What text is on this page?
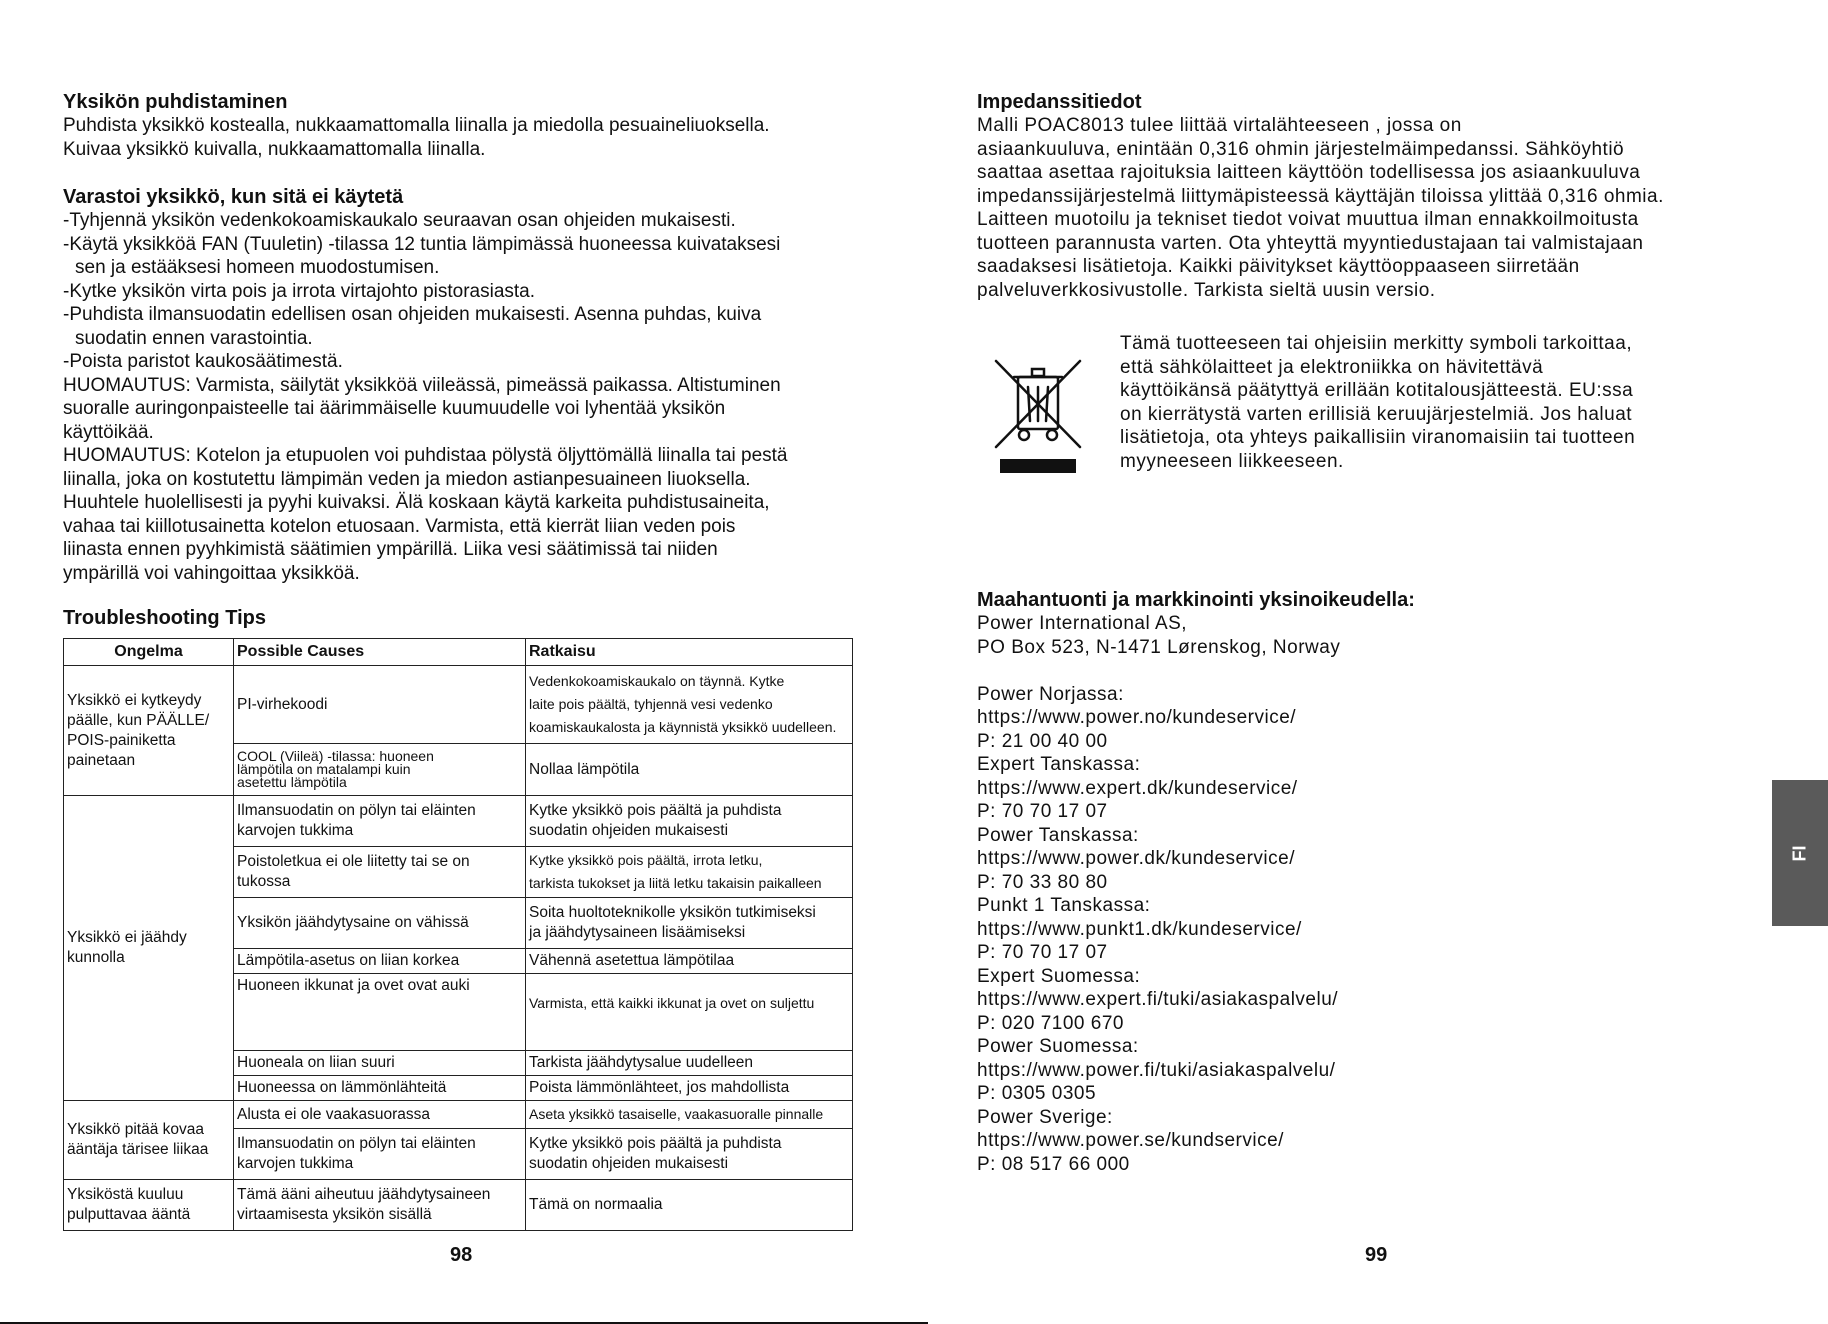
Yksikön puhdistaminen

Puhdista yksikkö kostealla, nukkaamattomalla liinalla ja miedolla pesuaineliuoksella.
Kuivaa yksikkö kuivalla, nukkaamattomalla liinalla.

Varastoi yksikkö, kun sitä ei käytetä

-Tyhjennä yksikön vedenkokoamiskaukalo seuraavan osan ohjeiden mukaisesti.
-Käytä yksikköä FAN (Tuuletin) -tilassa 12 tuntia lämpimässä huoneessa kuivataksesi
sen ja estääksesi homeen muodostumisen.
-Kytke yksikön virta pois ja irrota virtajohto pistorasiasta.
-Puhdista ilmansuodatin edellisen osan ohjeiden mukaisesti. Asenna puhdas, kuiva
suodatin ennen varastointia.
-Poista paristot kaukosäätimestä.
HUOMAUTUS: Varmista, säilytät yksikköä viileässä, pimeässä paikassa. Altistuminen
suoralle auringonpaisteelle tai äärimmäiselle kuumuudelle voi lyhentää yksikön
käyttöikää.
HUOMAUTUS: Kotelon ja etupuolen voi puhdistaa pölystä öljyttömällä liinalla tai pestä
liinalla, joka on kostutettu lämpimän veden ja miedon astianpesuaineen liuoksella.
Huuhtele huolellisesti ja pyyhi kuivaksi. Älä koskaan käytä karkeita puhdistusaineita,
vahaa tai kiillotusainetta kotelon etuosaan. Varmista, että kierrät liian veden pois
liinasta ennen pyyhkimistä säätimien ympärillä. Liika vesi säätimissä tai niiden
ympärillä voi vahingoittaa yksikköä.

Troubleshooting Tips
Ongelma	Possible Causes	Ratkaisu

Yksikkö ei kytkeydy
päälle, kun PÄÄLLE/
POIS-painiketta
painetaan	PI-virhekoodi	Vedenkokoamiskaukalo on täynnä. Kytke
laite pois päältä, tyhjennä vesi vedenko
koamiskaukalosta ja käynnistä yksikkö uudelleen.

	COOL (Viileä) -tilassa: huoneen
lämpötila on matalampi kuin
asetettu lämpötila	Nollaa lämpötila

Yksikkö ei jäähdy
kunnolla	Ilmansuodatin on pölyn tai eläinten
karvojen tukkima	Kytke yksikkö pois päältä ja puhdista
suodatin ohjeiden mukaisesti

	Poistoletkua ei ole liitetty tai se on
tukossa	Kytke yksikkö pois päältä, irrota letku,
tarkista tukokset ja liitä letku takaisin paikalleen

	Yksikön jäähdytysaine on vähissä	Soita huoltoteknikolle yksikön tutkimiseksi
ja jäähdytysaineen lisäämiseksi

	Lämpötila-asetus on liian korkea	Vähennä asetettua lämpötilaa

	Huoneen ikkunat ja ovet ovat auki	Varmista, että kaikki ikkunat ja ovet on suljettu

	Huoneala on liian suuri	Tarkista jäähdytysalue uudelleen

	Huoneessa on lämmönlähteitä	Poista lämmönlähteet, jos mahdollista

Yksikkö pitää kovaa
ääntäja tärisee liikaa	Alusta ei ole vaakasuorassa	Aseta yksikkö tasaiselle, vaakasuoralle pinnalle

	Ilmansuodatin on pölyn tai eläinten
karvojen tukkima	Kytke yksikkö pois päältä ja puhdista
suodatin ohjeiden mukaisesti

Yksiköstä kuuluu
pulputtavaa ääntä	Tämä ääni aiheutuu jäähdytysaineen
virtaamisesta yksikön sisällä	Tämä on normaalia
98
Impedanssitiedot

Malli POAC8013 tulee liittää virtalähteeseen , jossa on
asiaankuuluva, enintään 0,316 ohmin järjestelmäimpedanssi. Sähköyhtiö
saattaa asettaa rajoituksia laitteen käyttöön todellisessa jos asiaankuuluva
impedanssijärjestelmä liittymäpisteessä käyttäjän tiloissa ylittää 0,316 ohmia.
Laitteen muotoilu ja tekniset tiedot voivat muuttua ilman ennakkoilmoitusta
tuotteen parannusta varten. Ota yhteyttä myyntiedustajaan tai valmistajaan
saadaksesi lisätietoja. Kaikki päivitykset käyttöoppaaseen siirretään
palveluverkkosivustolle. Tarkista sieltä uusin versio.

Tämä tuotteeseen tai ohjeisiin merkitty symboli tarkoittaa,
että sähkölaitteet ja elektroniikka on hävitettävä
käyttöikänsä päätyttyä erillään kotitalousjätteestä. EU:ssa
on kierrätystä varten erillisiä keruujärjestelmiä. Jos haluat
lisätietoja, ota yhteys paikallisiin viranomaisiin tai tuotteen
myyneeseen liikkeeseen.

Maahantuonti ja markkinointi yksinoikeudella:

Power International AS,
PO Box 523, N-1471 Lørenskog, Norway

Power Norjassa:
https://www.power.no/kundeservice/
P: 21 00 40 00
Expert Tanskassa:
https://www.expert.dk/kundeservice/
P: 70 70 17 07
Power Tanskassa:
https://www.power.dk/kundeservice/
P: 70 33 80 80
Punkt 1 Tanskassa:
https://www.punkt1.dk/kundeservice/
P: 70 70 17 07
Expert Suomessa:
https://www.expert.fi/tuki/asiakaspalvelu/
P: 020 7100 670
Power Suomessa:
https://www.power.fi/tuki/asiakaspalvelu/
P: 0305 0305
Power Sverige:
https://www.power.se/kundservice/
P: 08 517 66 000

99
FI
